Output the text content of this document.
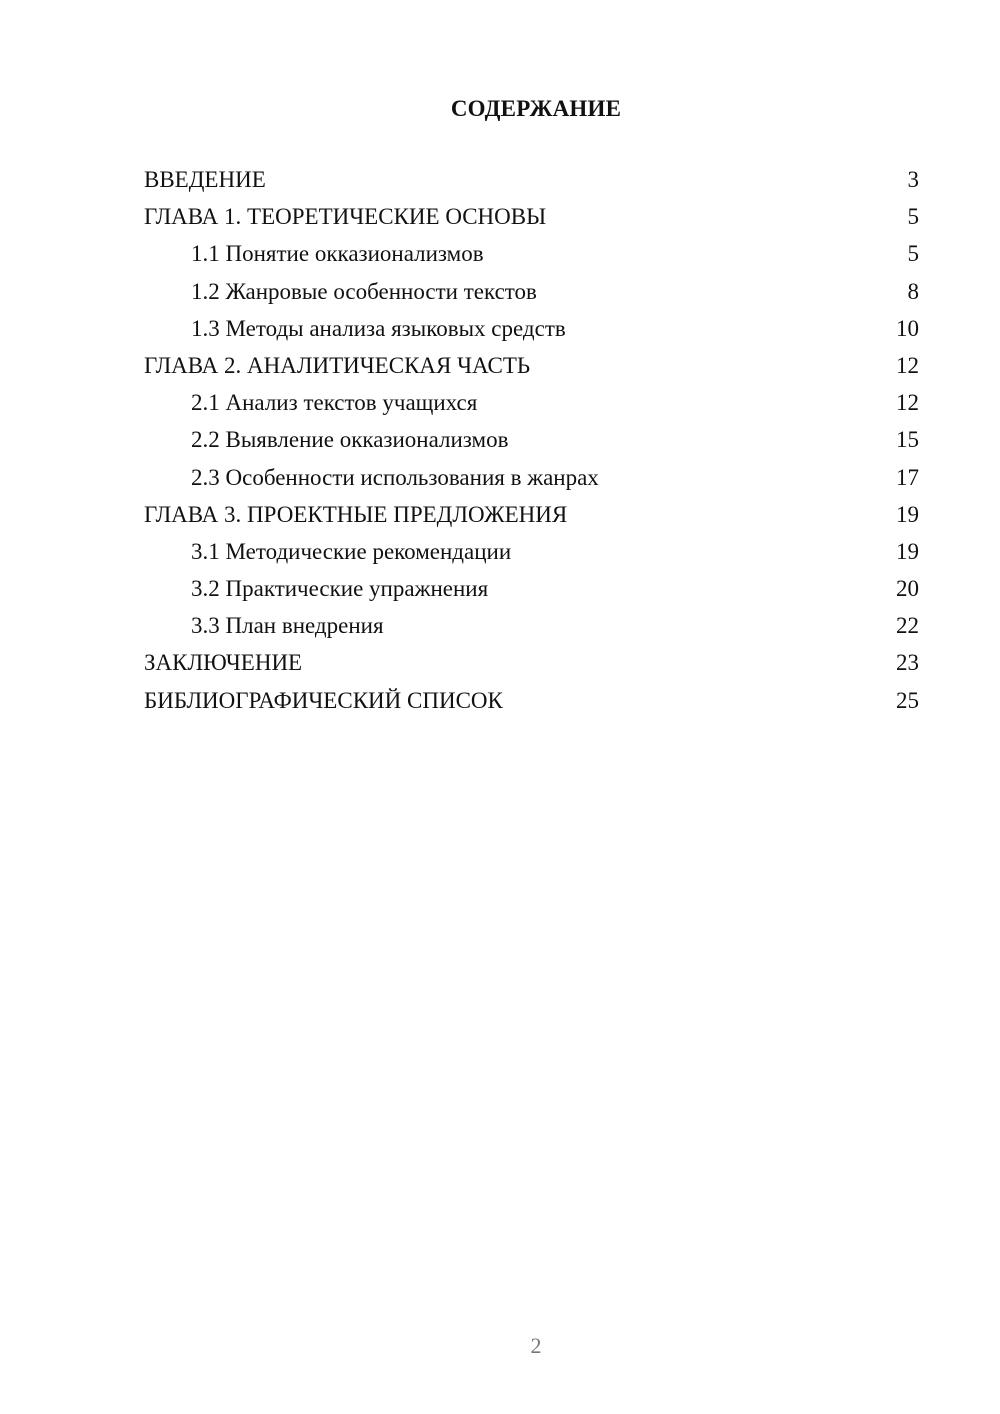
СОДЕРЖАНИЕ
ВВЕДЕНИЕ	3
ГЛАВА 1. ТЕОРЕТИЧЕСКИЕ ОСНОВЫ	5
1.1 Понятие окказионализмов	5
1.2 Жанровые особенности текстов	8
1.3 Методы анализа языковых средств	10
ГЛАВА 2. АНАЛИТИЧЕСКАЯ ЧАСТЬ	12
2.1 Анализ текстов учащихся	12
2.2 Выявление окказионализмов	15
2.3 Особенности использования в жанрах	17
ГЛАВА 3. ПРОЕКТНЫЕ ПРЕДЛОЖЕНИЯ	19
3.1 Методические рекомендации	19
3.2 Практические упражнения	20
3.3 План внедрения	22
ЗАКЛЮЧЕНИЕ	23
БИБЛИОГРАФИЧЕСКИЙ СПИСОК	25
2
